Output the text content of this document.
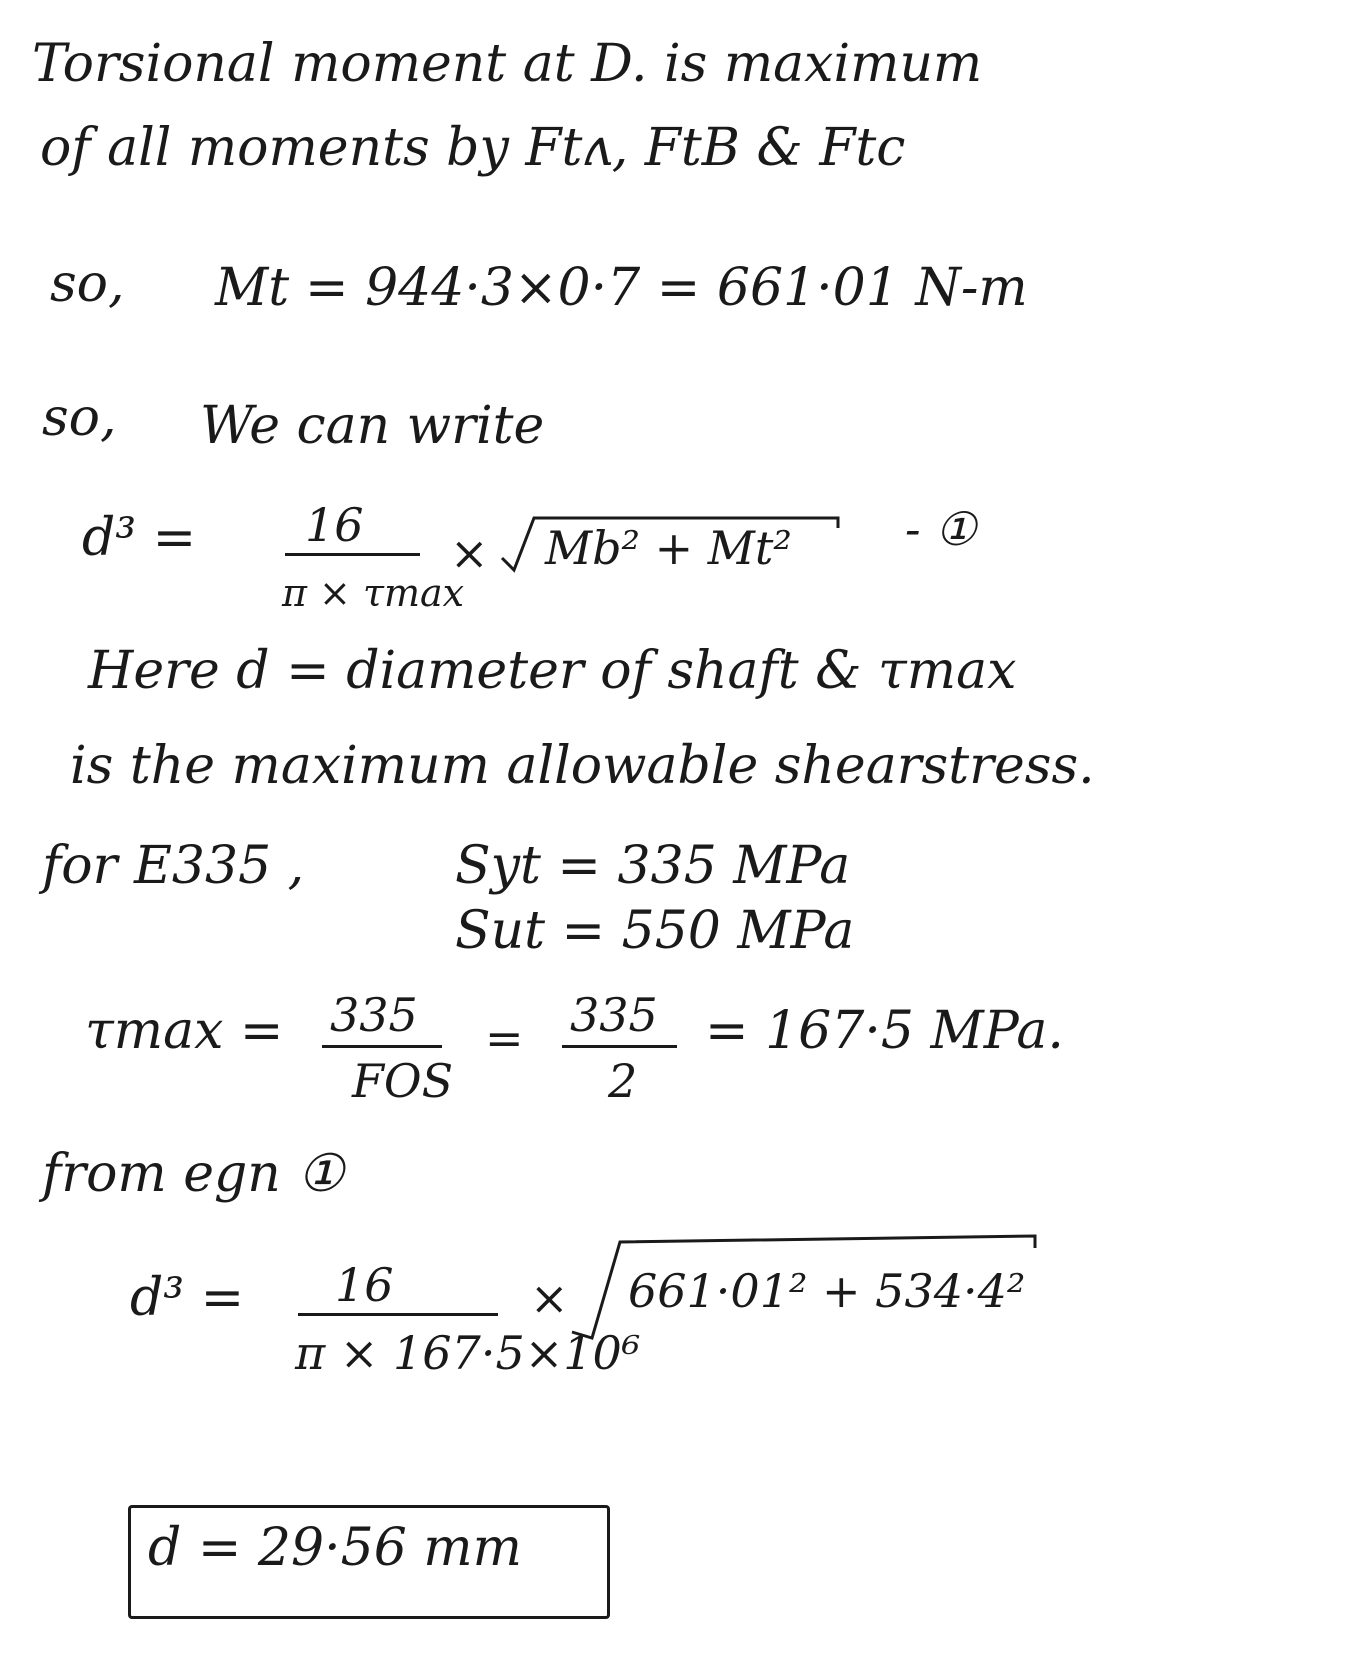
Torsional moment at D. is maximum
of all moments by Ftʌ, FtB & Ftc
so, Mt = 944·3×0·7 = 661·01 N-m
so, We can write
d³ = 16
π × τmax
× Mb² + Mt² - ①
Here d = diameter of shaft & τmax
is the maximum allowable shearstress.
for E335 ,	Syt = 335 MPa
Sut = 550 MPa
τmax = 335
FOS
= 335
2
= 167·5 MPa.
from egn ①
d³ = 16
π × 167·5×10⁶
× 661·01² + 534·4²
d = 29·56 mm
